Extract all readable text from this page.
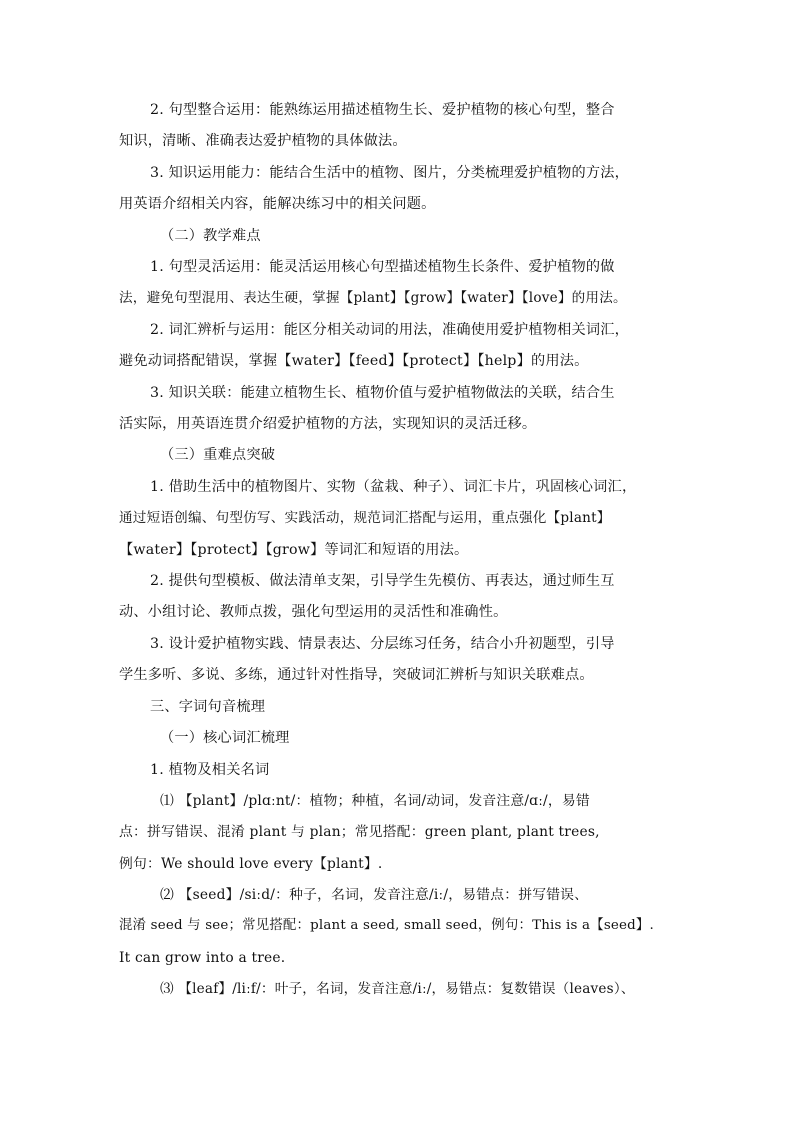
2. 句型整合运用：能熟练运用描述植物生长、爱护植物的核心句型，整合
知识，清晰、准确表达爱护植物的具体做法。
3. 知识运用能力：能结合生活中的植物、图片，分类梳理爱护植物的方法，
用英语介绍相关内容，能解决练习中的相关问题。
（二）教学难点
1. 句型灵活运用：能灵活运用核心句型描述植物生长条件、爱护植物的做
法，避免句型混用、表达生硬，掌握【plant】【grow】【water】【love】的用法。
2. 词汇辨析与运用：能区分相关动词的用法，准确使用爱护植物相关词汇，
避免动词搭配错误，掌握【water】【feed】【protect】【help】的用法。
3. 知识关联：能建立植物生长、植物价值与爱护植物做法的关联，结合生
活实际，用英语连贯介绍爱护植物的方法，实现知识的灵活迁移。
（三）重难点突破
1. 借助生活中的植物图片、实物（盆栽、种子）、词汇卡片，巩固核心词汇，
通过短语创编、句型仿写、实践活动，规范词汇搭配与运用，重点强化【plant】
【water】【protect】【grow】等词汇和短语的用法。
2. 提供句型模板、做法清单支架，引导学生先模仿、再表达，通过师生互
动、小组讨论、教师点拨，强化句型运用的灵活性和准确性。
3. 设计爱护植物实践、情景表达、分层练习任务，结合小升初题型，引导
学生多听、多说、多练，通过针对性指导，突破词汇辨析与知识关联难点。
三、字词句音梳理
（一）核心词汇梳理
1. 植物及相关名词
⑴ 【plant】/plɑːnt/：植物；种植，名词/动词，发音注意/ɑː/，易错
点：拼写错误、混淆 plant 与 plan；常见搭配：green plant, plant trees,
例句：We should love every【plant】.
⑵ 【seed】/siːd/：种子，名词，发音注意/iː/，易错点：拼写错误、
混淆 seed 与 see；常见搭配：plant a seed, small seed，例句：This is a【seed】.
It can grow into a tree.
⑶ 【leaf】/liːf/：叶子，名词，发音注意/iː/，易错点：复数错误（leaves）、
